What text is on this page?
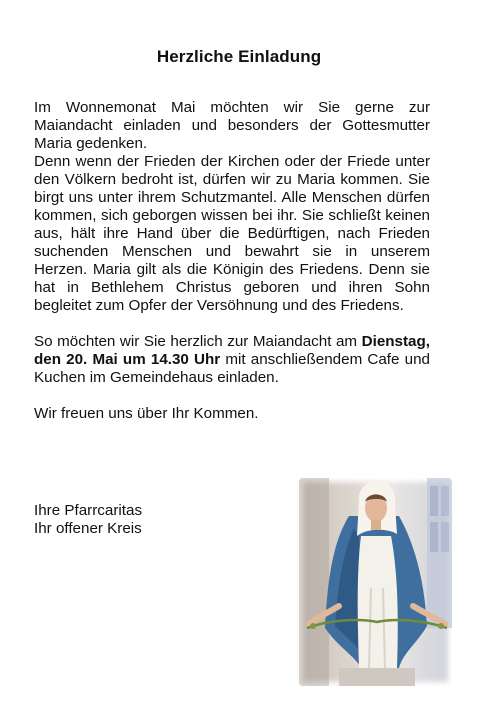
Herzliche Einladung

Im Wonnemonat Mai möchten wir Sie gerne zur Maiandacht einladen und besonders der Gottesmutter Maria gedenken.

Denn wenn der Frieden der Kirchen oder der Friede unter den Völkern bedroht ist, dürfen wir zu Maria kommen. Sie birgt uns unter ihrem Schutzmantel. Alle Menschen dürfen kommen, sich geborgen wissen bei ihr. Sie schließt keinen aus, hält ihre Hand über die Bedürftigen, nach Frieden suchenden Menschen und bewahrt sie in unserem Herzen. Maria gilt als die Königin des Friedens. Denn sie hat in Bethlehem Christus geboren und ihren Sohn begleitet zum Opfer der Versöhnung und des Friedens.

So möchten wir Sie herzlich zur Maiandacht am Dienstag, den 20. Mai um 14.30 Uhr mit anschließendem Cafe und Kuchen im Gemeindehaus einladen.

Wir freuen uns über Ihr Kommen.

Ihre Pfarrcaritas
Ihr offener Kreis
